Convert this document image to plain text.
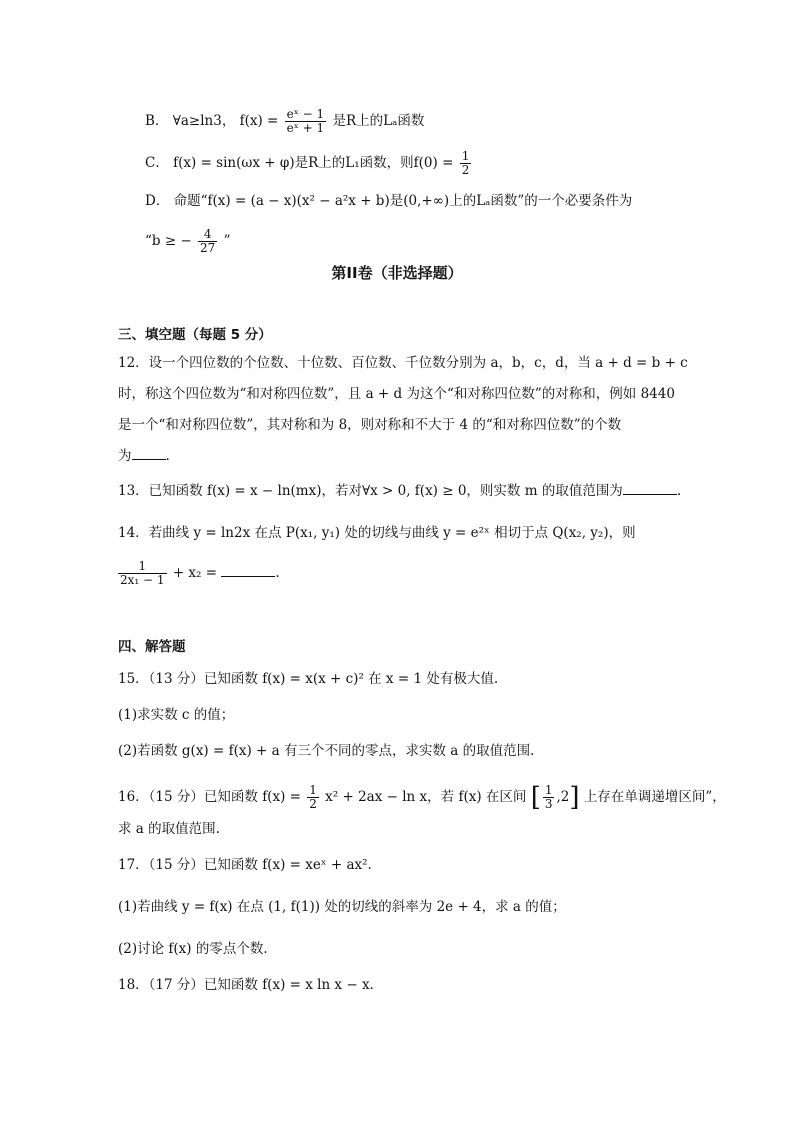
B． ∀a≥ln3， $f(x) = \frac{\text{eˣ − 1}}{\text{eˣ + 1}}$ 是R上的Lₐ函数
C． f(x) = sin(ωx + φ)是R上的L₁函数，则$f(0) = \frac{1}{2}$
D． 命题“f(x) = (a − x)(x² − a²x + b)是(0,+∞)上的Lₐ函数”的一个必要条件为
“b ≥ − $\frac{4}{27}$ ”
第II卷（非选择题）
三、填空题（每题 5 分）
12．设一个四位数的个位数、十位数、百位数、千位数分别为 a，b，c，d，当 a + d = b + c
时，称这个四位数为“和对称四位数”，且 a + d 为这个“和对称四位数”的对称和，例如 8440
是一个“和对称四位数”，其对称和为 8，则对称和不大于 4 的“和对称四位数”的个数
为	.
13．已知函数 f(x) = x − ln(mx)，若对∀x > 0, f(x) ≥ 0，则实数 m 的取值范围为	.
14．若曲线 y = ln2x 在点 P(x₁, y₁) 处的切线与曲线 y = e²ˣ 相切于点 Q(x₂, y₂)，则
$\frac{1}{\text{2x₁ − 1}} + x_2$ =	.
四、解答题
15．（13 分）已知函数 f(x) = x(x + c)² 在 x = 1 处有极大值.
(1)求实数 c 的值；
(2)若函数 g(x) = f(x) + a 有三个不同的零点，求实数 a 的取值范围.
16．（15 分）已知函数 $f(x) = \frac{1}{2} x^2 + 2ax - \ln x$，若 f(x) 在区间 [ $\frac{1}{3} ,2$] 上存在单调递增区间”，
求 a 的取值范围.
17．（15 分）已知函数 f(x) = xeˣ + ax².
(1)若曲线 y = f(x) 在点 (1, f(1)) 处的切线的斜率为 2e + 4，求 a 的值；
(2)讨论 f(x) 的零点个数.
18．（17 分）已知函数 f(x) = x ln x − x.
